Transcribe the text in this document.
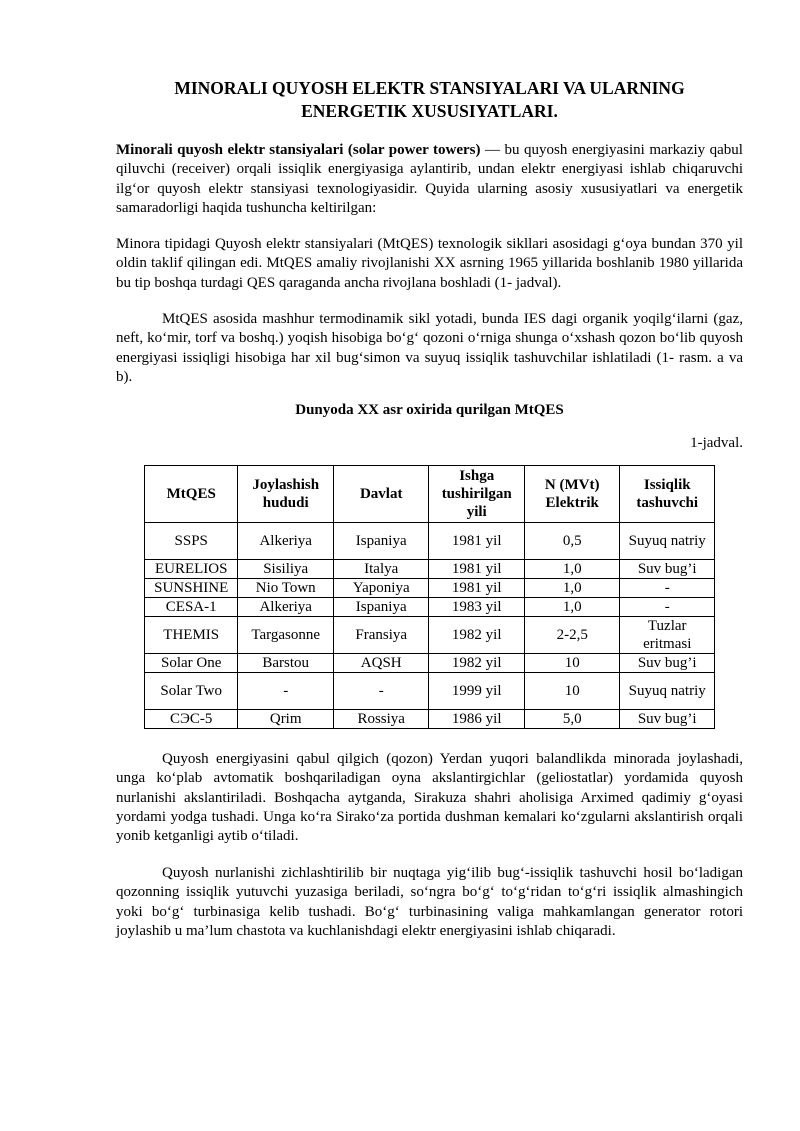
MINORALI QUYOSH ELEKTR STANSIYALARI VA ULARNING
ENERGETIK XUSUSIYATLARI.

Minorali quyosh elektr stansiyalari (solar power towers) — bu quyosh energiyasini markaziy qabul qiluvchi (receiver) orqali issiqlik energiyasiga aylantirib, undan elektr energiyasi ishlab chiqaruvchi ilg‘or quyosh elektr stansiyasi texnologiyasidir. Quyida ularning asosiy xususiyatlari va energetik samaradorligi haqida tushuncha keltirilgan:

Minora tipidagi Quyosh elektr stansiyalari (MtQES) texnologik sikllari asosidagi g‘oya bundan 370 yil oldin taklif qilingan edi. MtQES amaliy rivojlanishi XX asrning 1965 yillarida boshlanib 1980 yillarida bu tip boshqa turdagi QES qaraganda ancha rivojlana boshladi (1- jadval).

MtQES asosida mashhur termodinamik sikl yotadi, bunda IES dagi organik yoqilg‘ilarni (gaz, neft, ko‘mir, torf va boshq.) yoqish hisobiga bo‘g‘ qozoni o‘rniga shunga o‘xshash qozon bo‘lib quyosh energiyasi issiqligi hisobiga har xil bug‘simon va suyuq issiqlik tashuvchilar ishlatiladi (1- rasm. a va b).

Dunyoda XX asr oxirida qurilgan MtQES
1-jadval.
MtQES	Joylashish hududi	Davlat	Ishga tushirilgan yili	N (MVt) Elektrik	Issiqlik tashuvchi
SSPS	Alkeriya	Ispaniya	1981 yil	0,5	Suyuq natriy
EURELIOS	Sisiliya	Italya	1981 yil	1,0	Suv bug’i
SUNSHINE	Nio Town	Yaponiya	1981 yil	1,0	-
CESA-1	Alkeriya	Ispaniya	1983 yil	1,0	-
THEMIS	Targasonne	Fransiya	1982 yil	2-2,5	Tuzlar eritmasi
Solar One	Barstou	AQSH	1982 yil	10	Suv bug’i
Solar Two	-	-	1999 yil	10	Suyuq natriy
СЭС-5	Qrim	Rossiya	1986 yil	5,0	Suv bug’i

Quyosh energiyasini qabul qilgich (qozon) Yerdan yuqori balandlikda minorada joylashadi, unga ko‘plab avtomatik boshqariladigan oyna akslantirgichlar (geliostatlar) yordamida quyosh nurlanishi akslantiriladi. Boshqacha aytganda, Sirakuza shahri aholisiga Arximed qadimiy g‘oyasi yordami yodga tushadi. Unga ko‘ra Sirako‘za portida dushman kemalari ko‘zgularni akslantirish orqali yonib ketganligi aytib o‘tiladi.

Quyosh nurlanishi zichlashtirilib bir nuqtaga yig‘ilib bug‘-issiqlik tashuvchi hosil bo‘ladigan qozonning issiqlik yutuvchi yuzasiga beriladi, so‘ngra bo‘g‘ to‘g‘ridan to‘g‘ri issiqlik almashingich yoki bo‘g‘ turbinasiga kelib tushadi. Bo‘g‘ turbinasining valiga mahkamlangan generator rotori joylashib u ma’lum chastota va kuchlanishdagi elektr energiyasini ishlab chiqaradi.
